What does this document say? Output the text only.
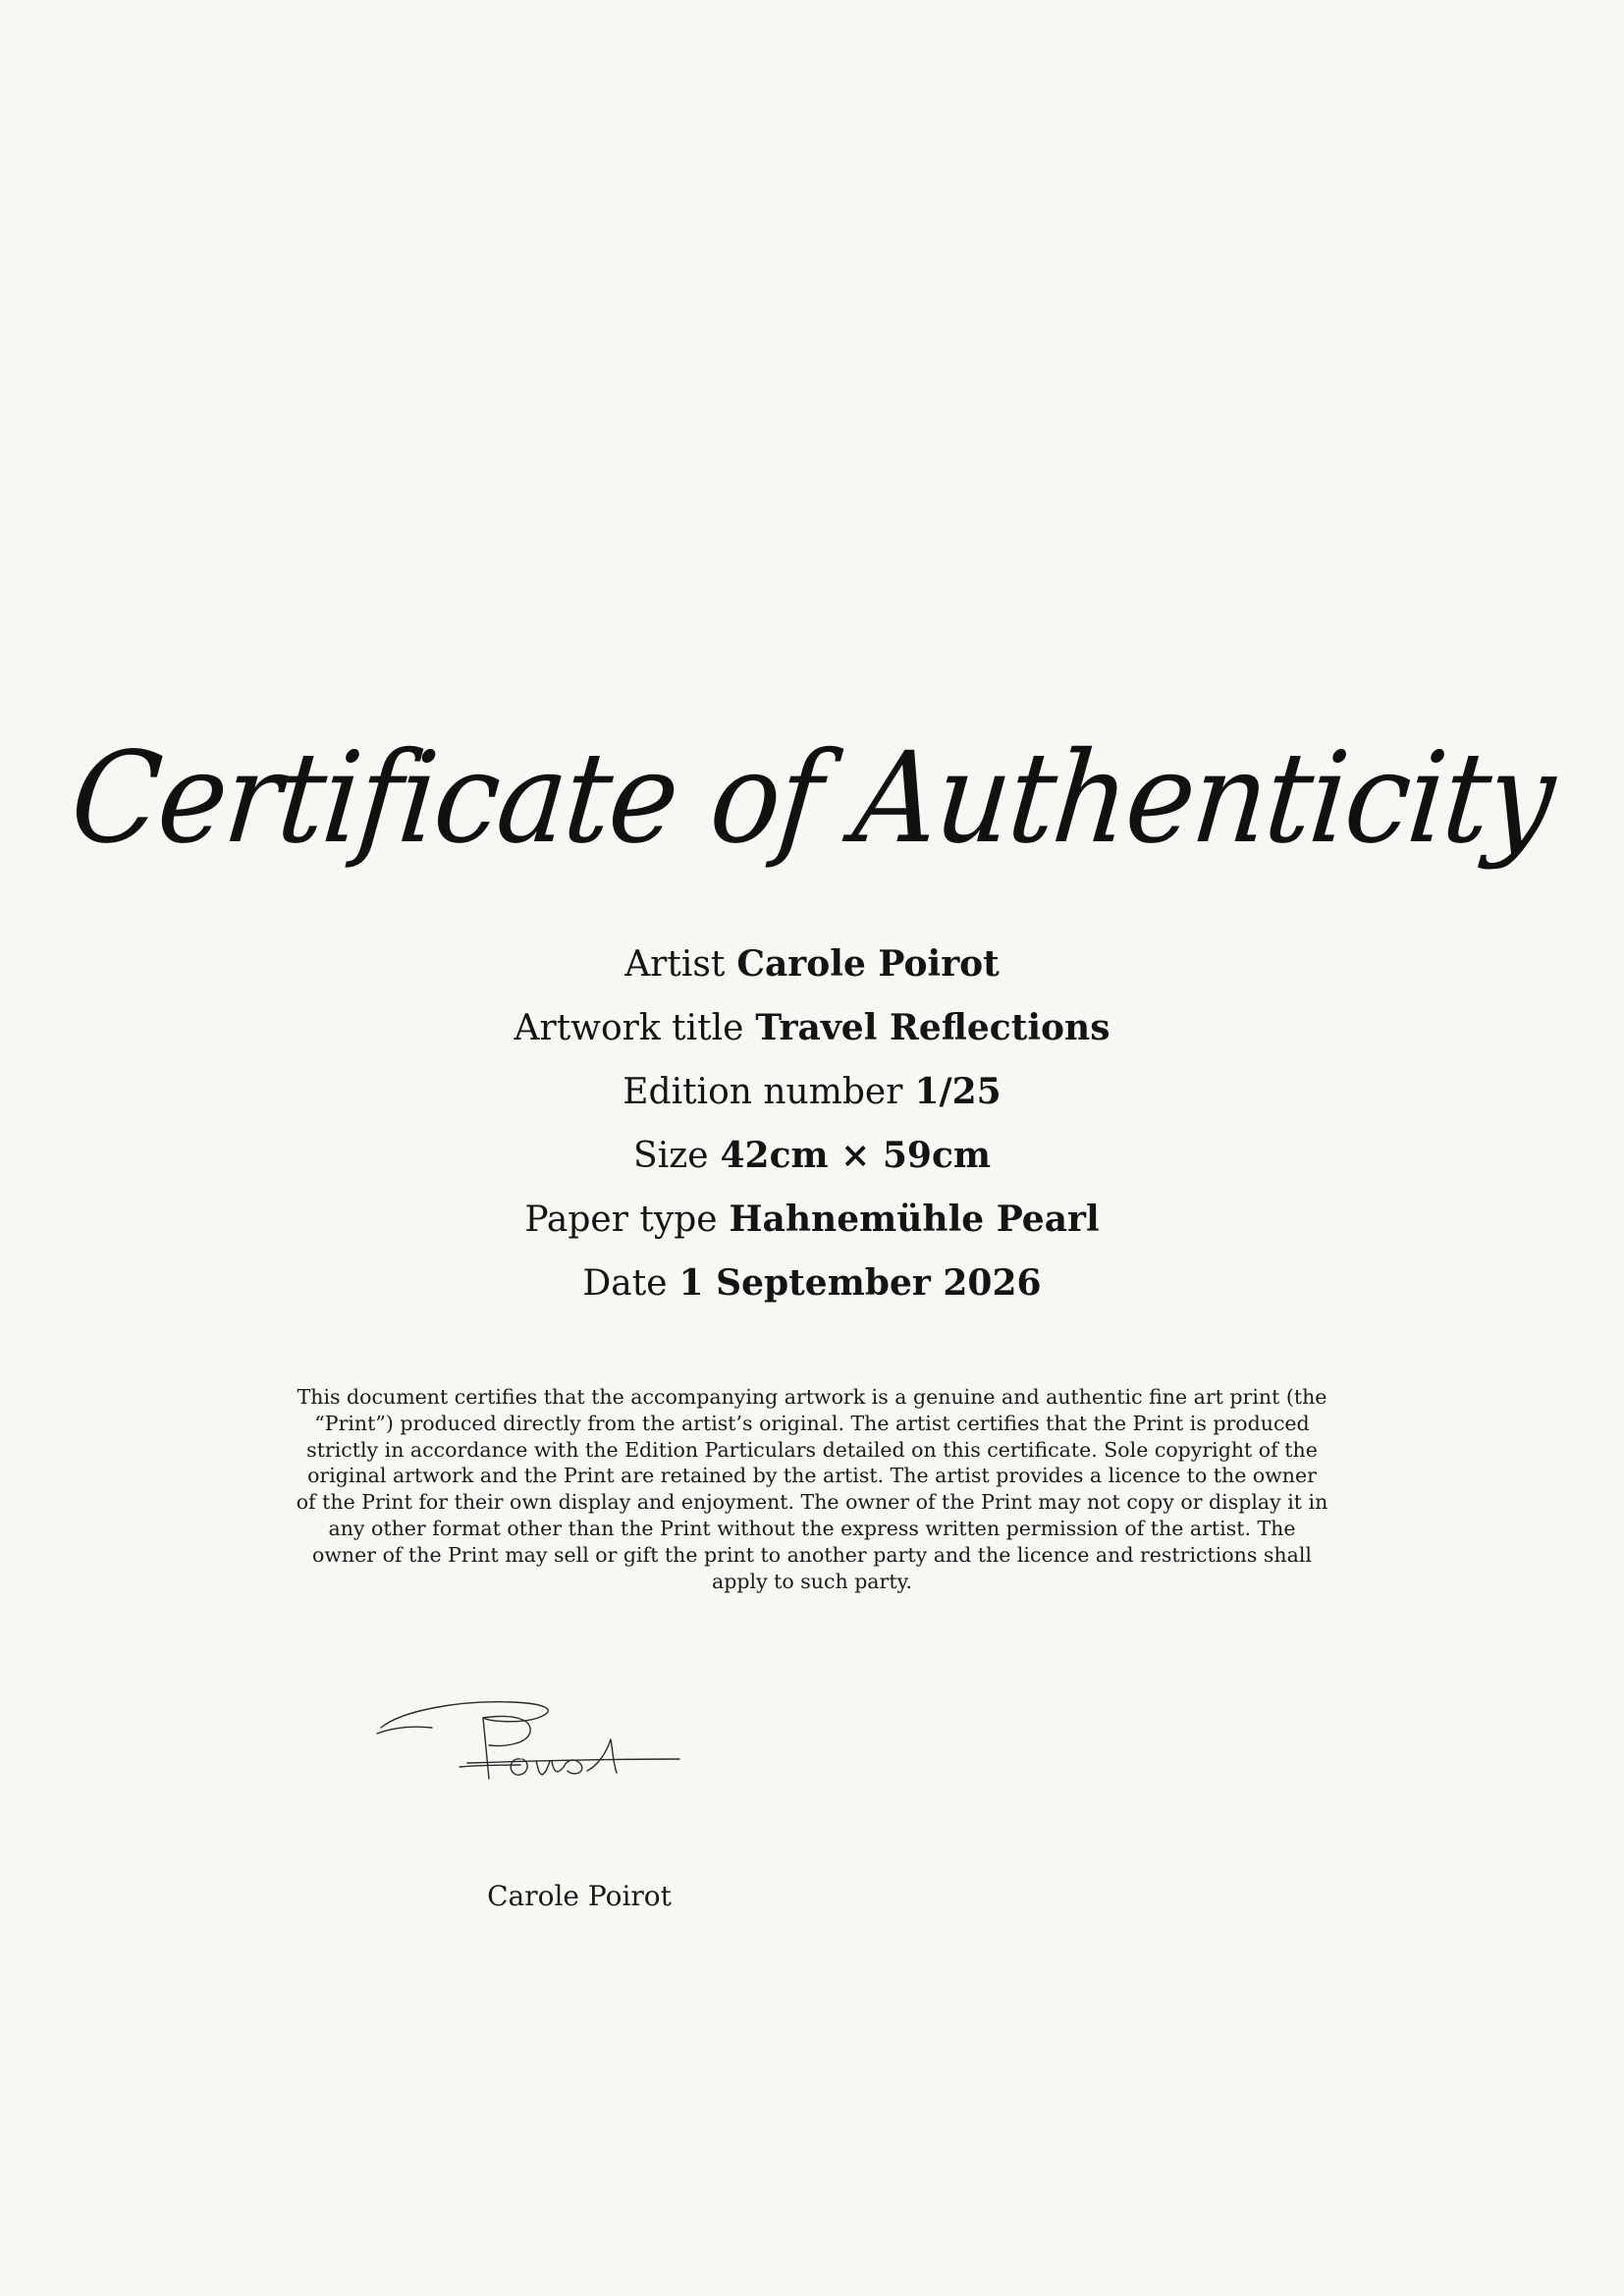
Certificate of Authenticity
Artist Carole Poirot
Artwork title Travel Reflections
Edition number 1/25
Size 42cm × 59cm
Paper type Hahnemühle Pearl
Date 1 September 2026
This document certifies that the accompanying artwork is a genuine and authentic fine art print (the “Print”) produced directly from the artist’s original. The artist certifies that the Print is produced strictly in accordance with the Edition Particulars detailed on this certificate. Sole copyright of the original artwork and the Print are retained by the artist. The artist provides a licence to the owner of the Print for their own display and enjoyment. The owner of the Print may not copy or display it in any other format other than the Print without the express written permission of the artist. The owner of the Print may sell or gift the print to another party and the licence and restrictions shall apply to such party.
Carole Poirot
